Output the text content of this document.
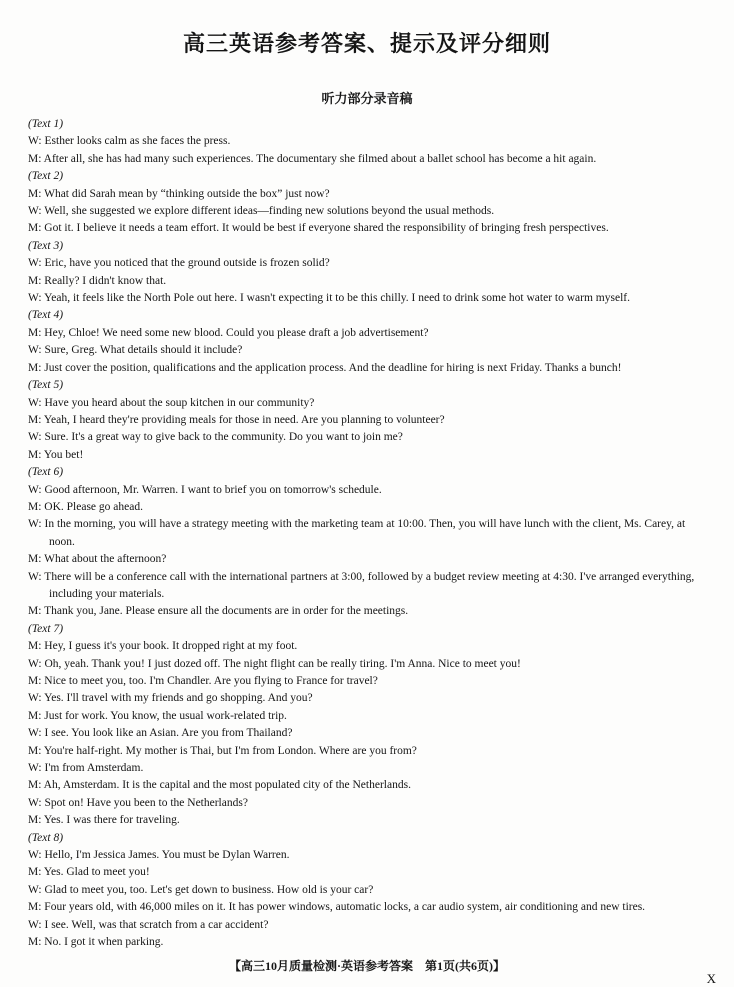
高三英语参考答案、提示及评分细则
听力部分录音稿
(Text 1)
W: Esther looks calm as she faces the press.
M: After all, she has had many such experiences. The documentary she filmed about a ballet school has become a hit again.
(Text 2)
M: What did Sarah mean by “thinking outside the box” just now?
W: Well, she suggested we explore different ideas—finding new solutions beyond the usual methods.
M: Got it. I believe it needs a team effort. It would be best if everyone shared the responsibility of bringing fresh perspectives.
(Text 3)
W: Eric, have you noticed that the ground outside is frozen solid?
M: Really? I didn't know that.
W: Yeah, it feels like the North Pole out here. I wasn't expecting it to be this chilly. I need to drink some hot water to warm myself.
(Text 4)
M: Hey, Chloe! We need some new blood. Could you please draft a job advertisement?
W: Sure, Greg. What details should it include?
M: Just cover the position, qualifications and the application process. And the deadline for hiring is next Friday. Thanks a bunch!
(Text 5)
W: Have you heard about the soup kitchen in our community?
M: Yeah, I heard they're providing meals for those in need. Are you planning to volunteer?
W: Sure. It's a great way to give back to the community. Do you want to join me?
M: You bet!
(Text 6)
W: Good afternoon, Mr. Warren. I want to brief you on tomorrow's schedule.
M: OK. Please go ahead.
W: In the morning, you will have a strategy meeting with the marketing team at 10:00. Then, you will have lunch with the client, Ms. Carey, at noon.
M: What about the afternoon?
W: There will be a conference call with the international partners at 3:00, followed by a budget review meeting at 4:30. I've arranged everything, including your materials.
M: Thank you, Jane. Please ensure all the documents are in order for the meetings.
(Text 7)
M: Hey, I guess it's your book. It dropped right at my foot.
W: Oh, yeah. Thank you! I just dozed off. The night flight can be really tiring. I'm Anna. Nice to meet you!
M: Nice to meet you, too. I'm Chandler. Are you flying to France for travel?
W: Yes. I'll travel with my friends and go shopping. And you?
M: Just for work. You know, the usual work-related trip.
W: I see. You look like an Asian. Are you from Thailand?
M: You're half-right. My mother is Thai, but I'm from London. Where are you from?
W: I'm from Amsterdam.
M: Ah, Amsterdam. It is the capital and the most populated city of the Netherlands.
W: Spot on! Have you been to the Netherlands?
M: Yes. I was there for traveling.
(Text 8)
W: Hello, I'm Jessica James. You must be Dylan Warren.
M: Yes. Glad to meet you!
W: Glad to meet you, too. Let's get down to business. How old is your car?
M: Four years old, with 46,000 miles on it. It has power windows, automatic locks, a car audio system, air conditioning and new tires.
W: I see. Well, was that scratch from a car accident?
M: No. I got it when parking.
【高三10月质量检测·英语参考答案　第1页(共6页)】
X
